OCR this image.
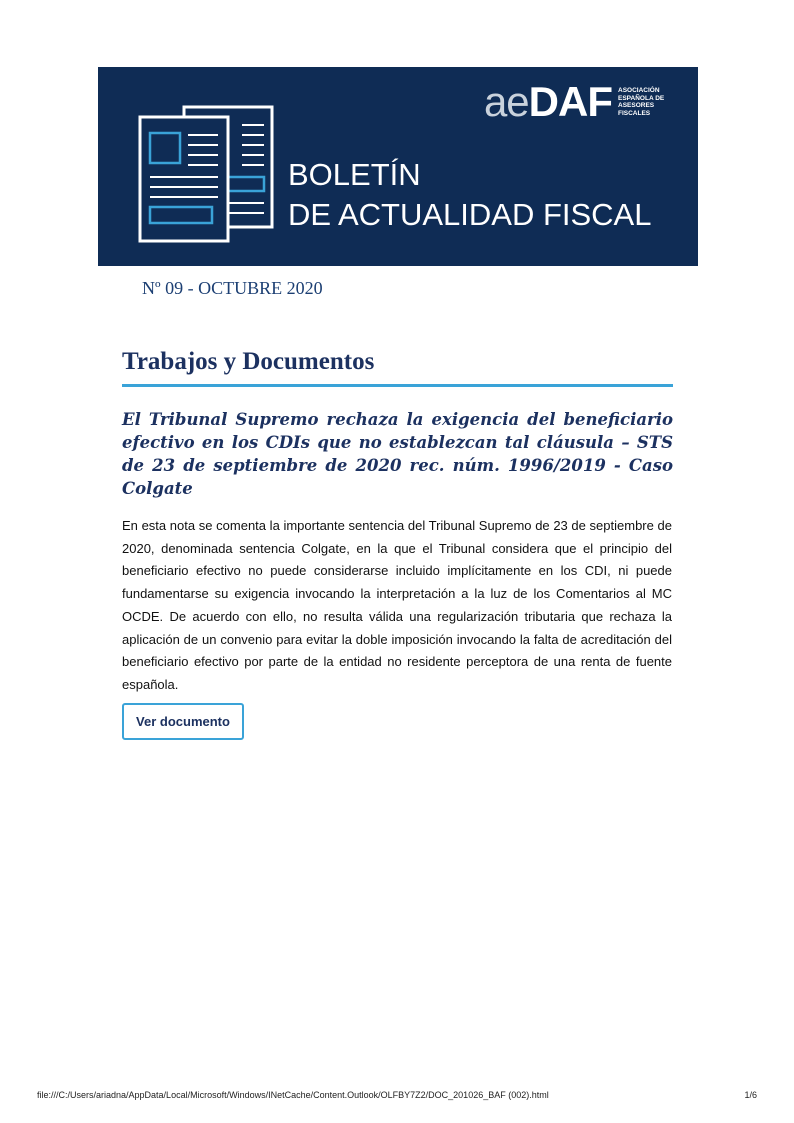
aeDAF ASOCIACIÓN ESPAÑOLA DE ASESORES FISCALES
BOLETÍN
DE ACTUALIDAD FISCAL
Nº 09 - OCTUBRE 2020
Trabajos y Documentos
El Tribunal Supremo rechaza la exigencia del beneficiario efectivo en los CDIs que no establezcan tal cláusula – STS de 23 de septiembre de 2020 rec. núm. 1996/2019 - Caso Colgate

En esta nota se comenta la importante sentencia del Tribunal Supremo de 23 de septiembre de 2020, denominada sentencia Colgate, en la que el Tribunal considera que el principio del beneficiario efectivo no puede considerarse incluido implícitamente en los CDI, ni puede fundamentarse su exigencia invocando la interpretación a la luz de los Comentarios al MC OCDE. De acuerdo con ello, no resulta válida una regularización tributaria que rechaza la aplicación de un convenio para evitar la doble imposición invocando la falta de acreditación del beneficiario efectivo por parte de la entidad no residente perceptora de una renta de fuente española.

Ver documento
file:///C:/Users/ariadna/AppData/Local/Microsoft/Windows/INetCache/Content.Outlook/OLFBY7Z2/DOC_201026_BAF (002).html	1/6
